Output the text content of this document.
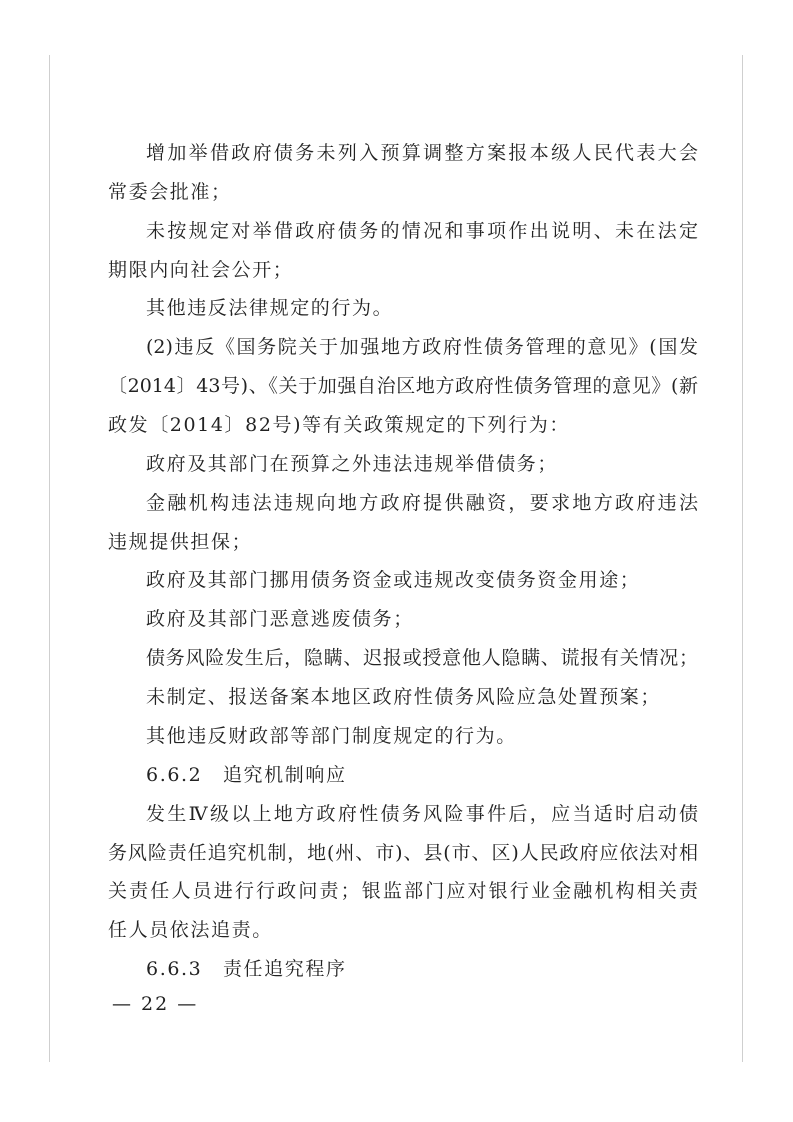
增加举借政府债务未列入预算调整方案报本级人民代表大会
常委会批准；
未按规定对举借政府债务的情况和事项作出说明、未在法定
期限内向社会公开；
其他违反法律规定的行为。
(2)违反《国务院关于加强地方政府性债务管理的意见》(国发
〔2014〕43号)、《关于加强自治区地方政府性债务管理的意见》(新
政发〔2014〕82号)等有关政策规定的下列行为：
政府及其部门在预算之外违法违规举借债务；
金融机构违法违规向地方政府提供融资，要求地方政府违法
违规提供担保；
政府及其部门挪用债务资金或违规改变债务资金用途；
政府及其部门恶意逃废债务；
债务风险发生后，隐瞒、迟报或授意他人隐瞒、谎报有关情况；
未制定、报送备案本地区政府性债务风险应急处置预案；
其他违反财政部等部门制度规定的行为。
6.6.2　追究机制响应
发生Ⅳ级以上地方政府性债务风险事件后，应当适时启动债
务风险责任追究机制，地(州、市)、县(市、区)人民政府应依法对相
关责任人员进行行政问责；银监部门应对银行业金融机构相关责
任人员依法追责。
6.6.3　责任追究程序
— 22 —
